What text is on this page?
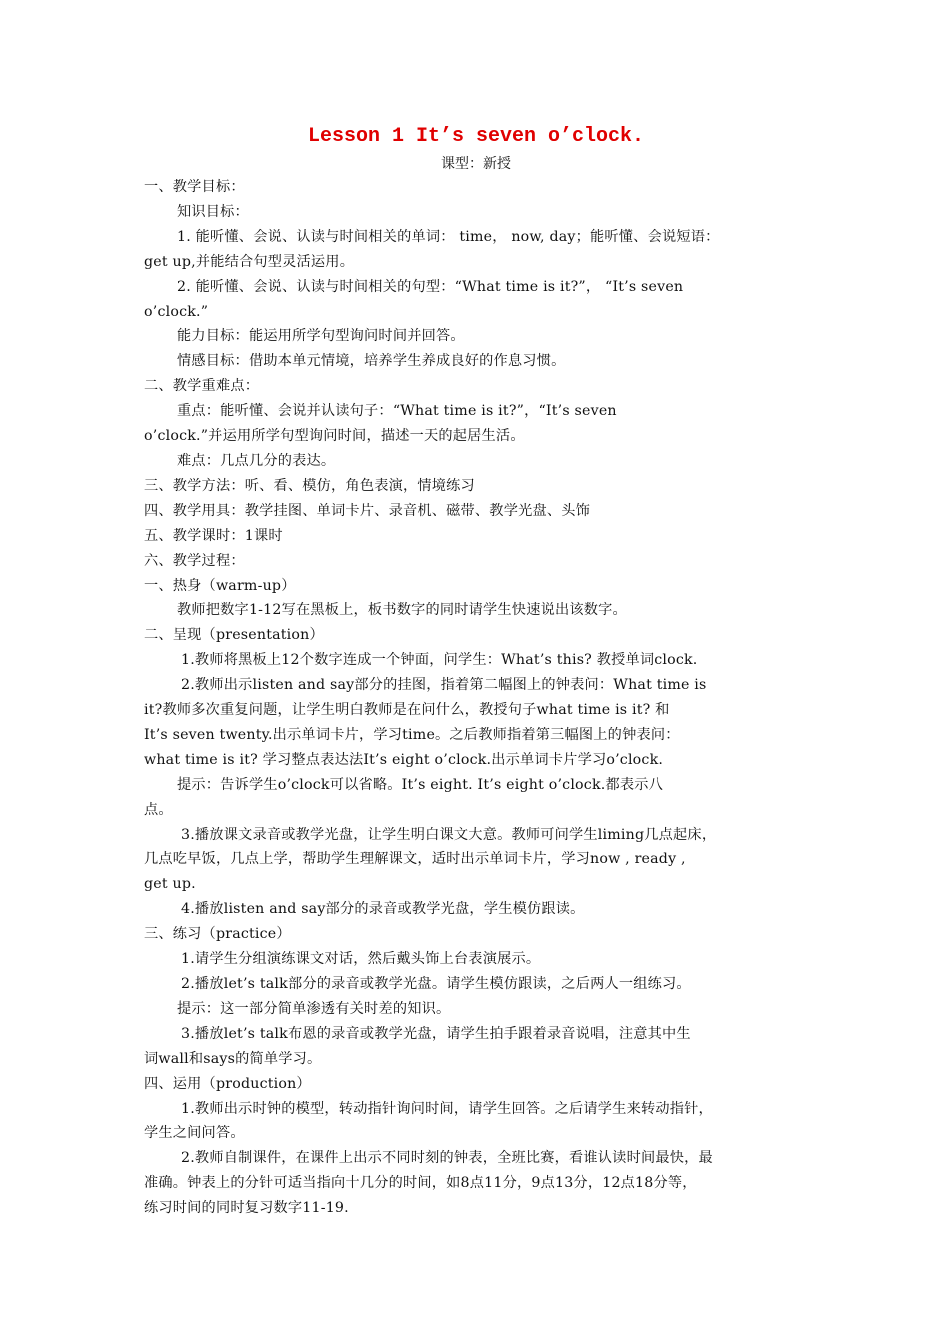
Lesson 1 It’s seven o’clock.

课型：新授

一、教学目标：

知识目标：

1. 能听懂、会说、认读与时间相关的单词： time， now, day；能听懂、会说短语：

get up,并能结合句型灵活运用。

2. 能听懂、会说、认读与时间相关的句型：“What time is it?”， “It’s seven

o’clock.”

能力目标：能运用所学句型询问时间并回答。

情感目标：借助本单元情境，培养学生养成良好的作息习惯。

二、教学重难点：

重点：能听懂、会说并认读句子：“What time is it?”，“It’s seven

o’clock.”并运用所学句型询问时间，描述一天的起居生活。

难点：几点几分的表达。

三、教学方法：听、看、模仿，角色表演，情境练习

四、教学用具：教学挂图、单词卡片、录音机、磁带、教学光盘、头饰

五、教学课时：1课时

六、教学过程：

一、热身（warm-up）

教师把数字1-12写在黑板上，板书数字的同时请学生快速说出该数字。

二、呈现（presentation）

1.教师将黑板上12个数字连成一个钟面，问学生：What’s this? 教授单词clock.

2.教师出示listen and say部分的挂图，指着第二幅图上的钟表问：What time is

it?教师多次重复问题，让学生明白教师是在问什么，教授句子what time is it? 和

It’s seven twenty.出示单词卡片，学习time。之后教师指着第三幅图上的钟表问：

what time is it? 学习整点表达法It’s eight o’clock.出示单词卡片学习o’clock.

提示：告诉学生o’clock可以省略。It’s eight. It’s eight o’clock.都表示八

点。

3.播放课文录音或教学光盘，让学生明白课文大意。教师可问学生liming几点起床，

几点吃早饭，几点上学，帮助学生理解课文，适时出示单词卡片，学习now , ready ,

get up.

4.播放listen and say部分的录音或教学光盘，学生模仿跟读。

三、练习（practice）

1.请学生分组演练课文对话，然后戴头饰上台表演展示。

2.播放let’s talk部分的录音或教学光盘。请学生模仿跟读，之后两人一组练习。

提示：这一部分简单渗透有关时差的知识。

3.播放let’s talk布恩的录音或教学光盘，请学生拍手跟着录音说唱，注意其中生

词wall和says的简单学习。

四、运用（production）

1.教师出示时钟的模型，转动指针询问时间，请学生回答。之后请学生来转动指针，

学生之间问答。

2.教师自制课件，在课件上出示不同时刻的钟表，全班比赛，看谁认读时间最快，最

准确。钟表上的分针可适当指向十几分的时间，如8点11分，9点13分，12点18分等，

练习时间的同时复习数字11-19.
